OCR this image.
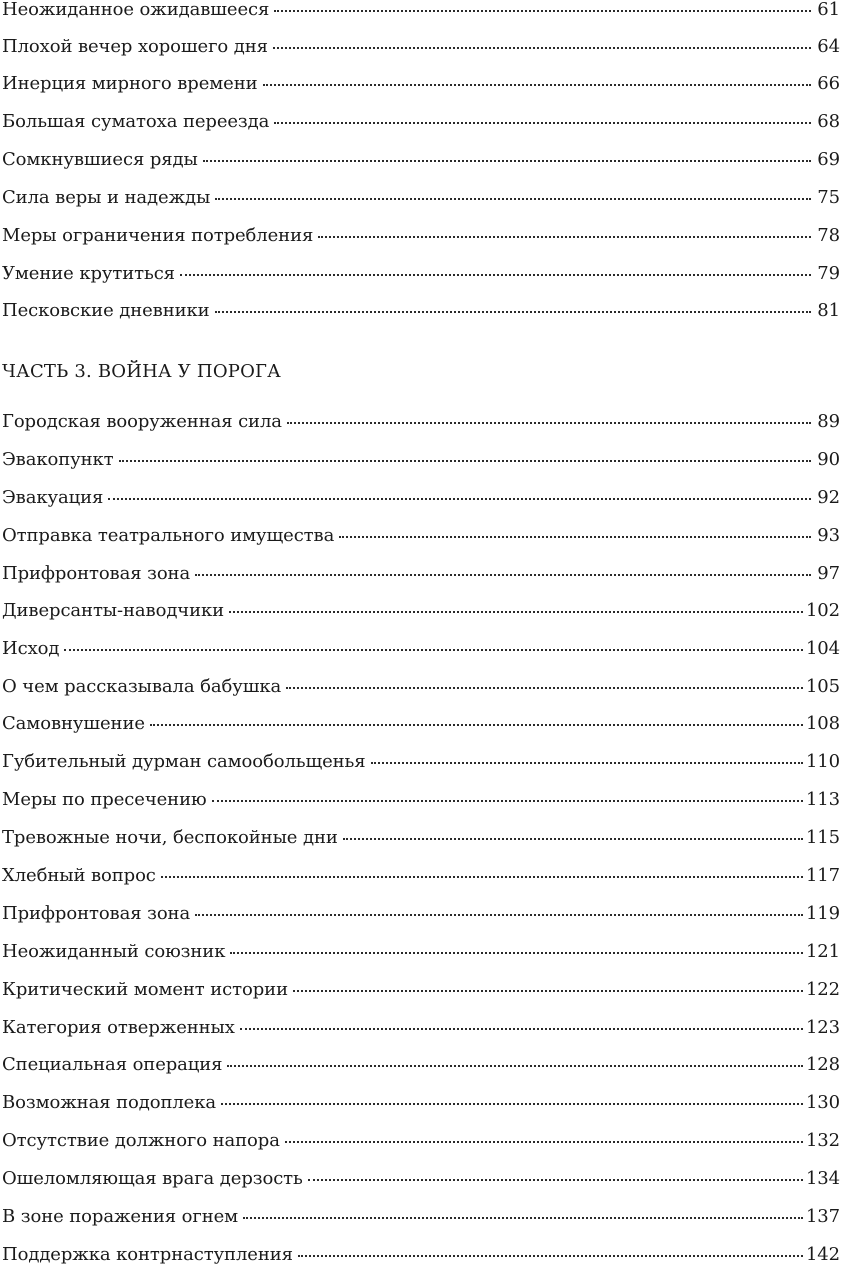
Неожиданное ожидавшееся	61
Плохой вечер хорошего дня	64
Инерция мирного времени	66
Большая суматоха переезда	68
Сомкнувшиеся ряды	69
Сила веры и надежды	75
Меры ограничения потребления	78
Умение крутиться	79
Песковские дневники	81
ЧАСТЬ 3. ВОЙНА У ПОРОГА
Городская вооруженная сила	89
Эвакопункт	90
Эвакуация	92
Отправка театрального имущества	93
Прифронтовая зона	97
Диверсанты-наводчики	102
Исход	104
О чем рассказывала бабушка	105
Самовнушение	108
Губительный дурман самообольщенья	110
Меры по пресечению	113
Тревожные ночи, беспокойные дни	115
Хлебный вопрос	117
Прифронтовая зона	119
Неожиданный союзник	121
Критический момент истории	122
Категория отверженных	123
Специальная операция	128
Возможная подоплека	130
Отсутствие должного напора	132
Ошеломляющая врага дерзость	134
В зоне поражения огнем	137
Поддержка контрнаступления	142
